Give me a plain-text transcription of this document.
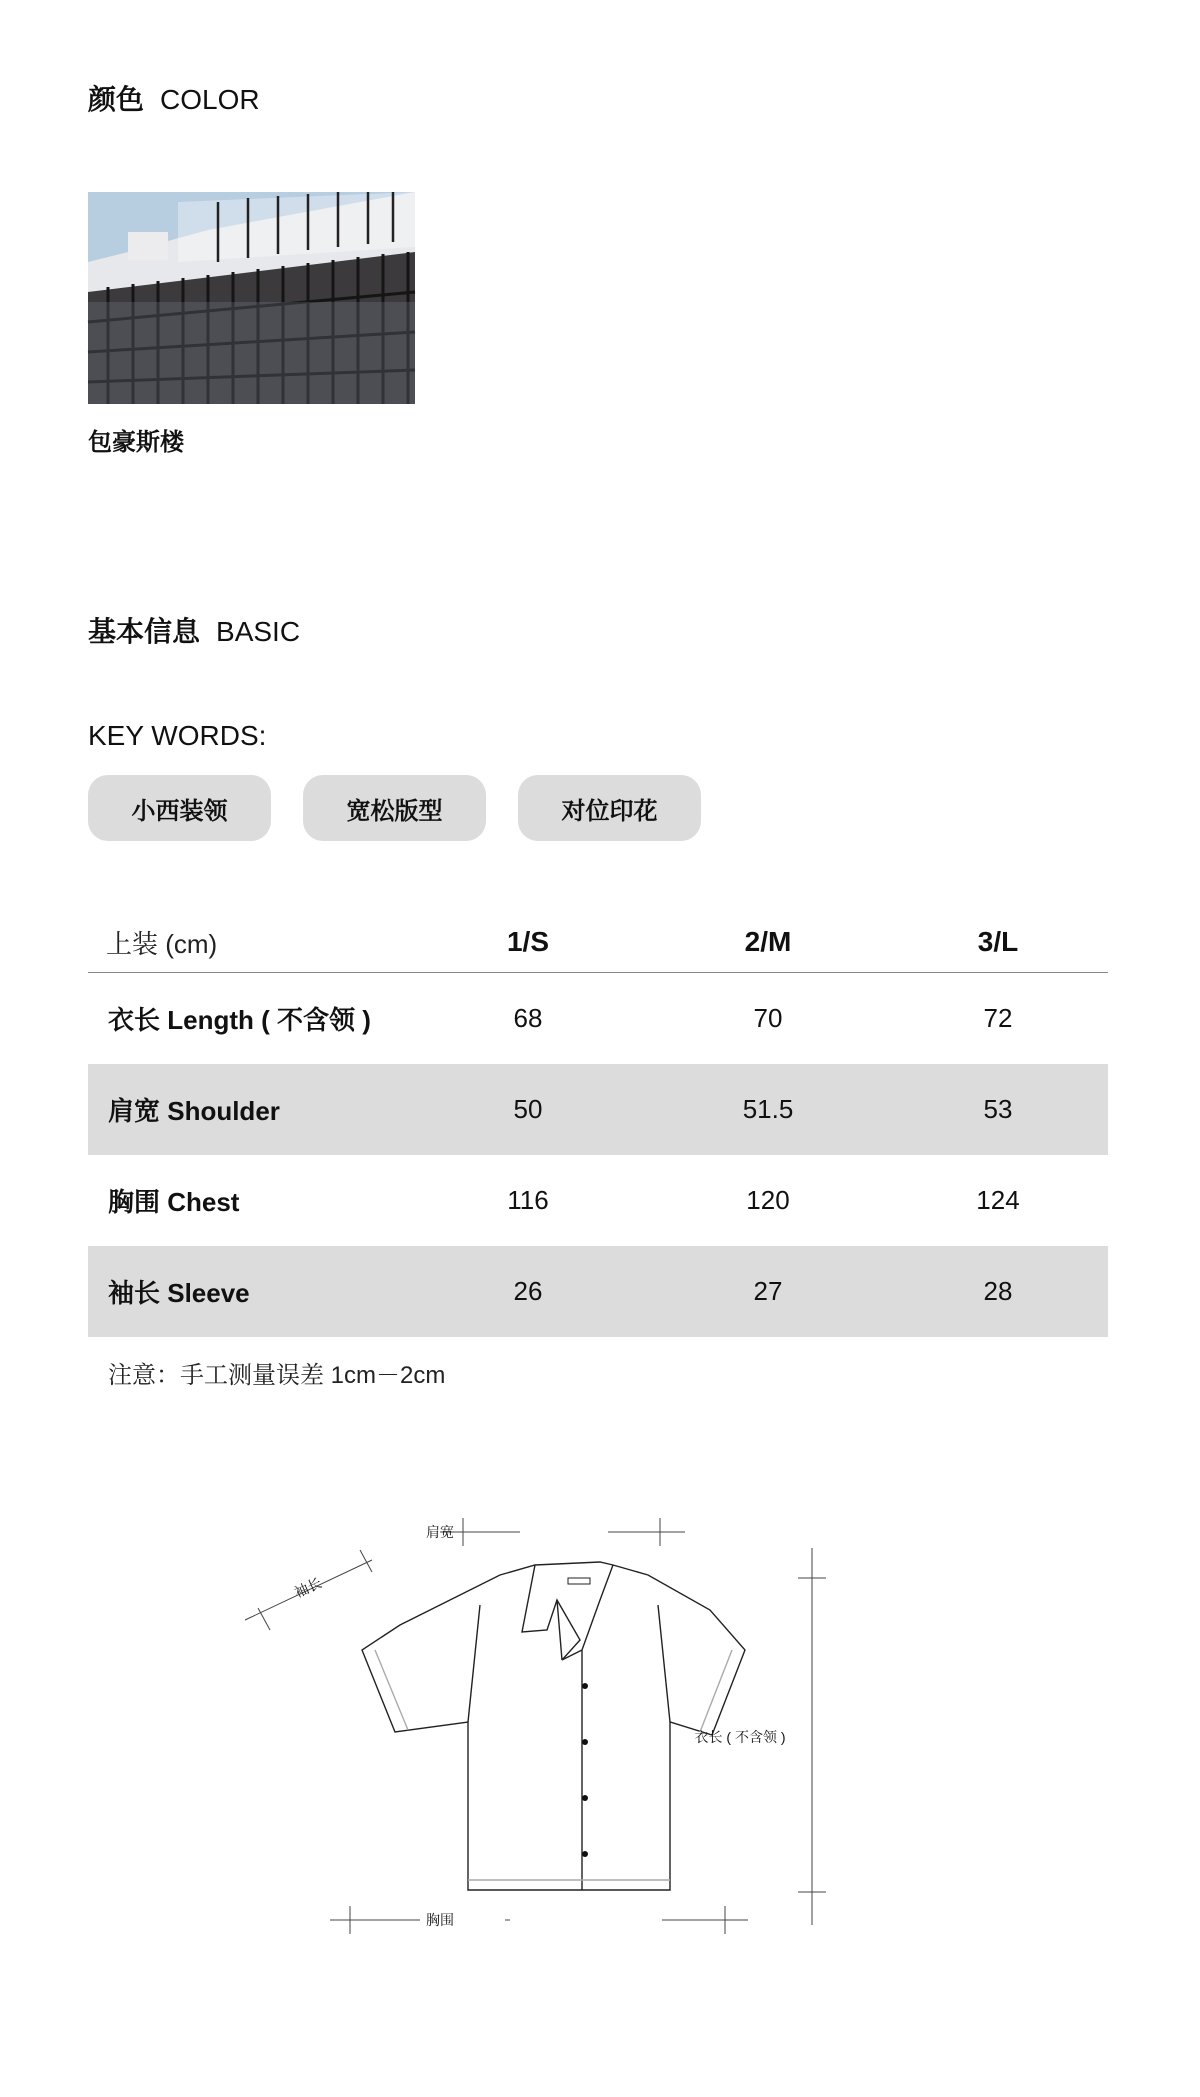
颜色 COLOR
包豪斯楼
基本信息 BASIC
KEY WORDS:
小西装领	宽松版型	对位印花
上装 (cm)	1/S	2/M	3/L
衣长 Length ( 不含领 )	68	70	72
肩宽 Shoulder	50	51.5	53
胸围 Chest	116	120	124
袖长 Sleeve	26	27	28
注意：手工测量误差 1cm－2cm
肩宽
袖长
衣长 ( 不含领 )
胸围
